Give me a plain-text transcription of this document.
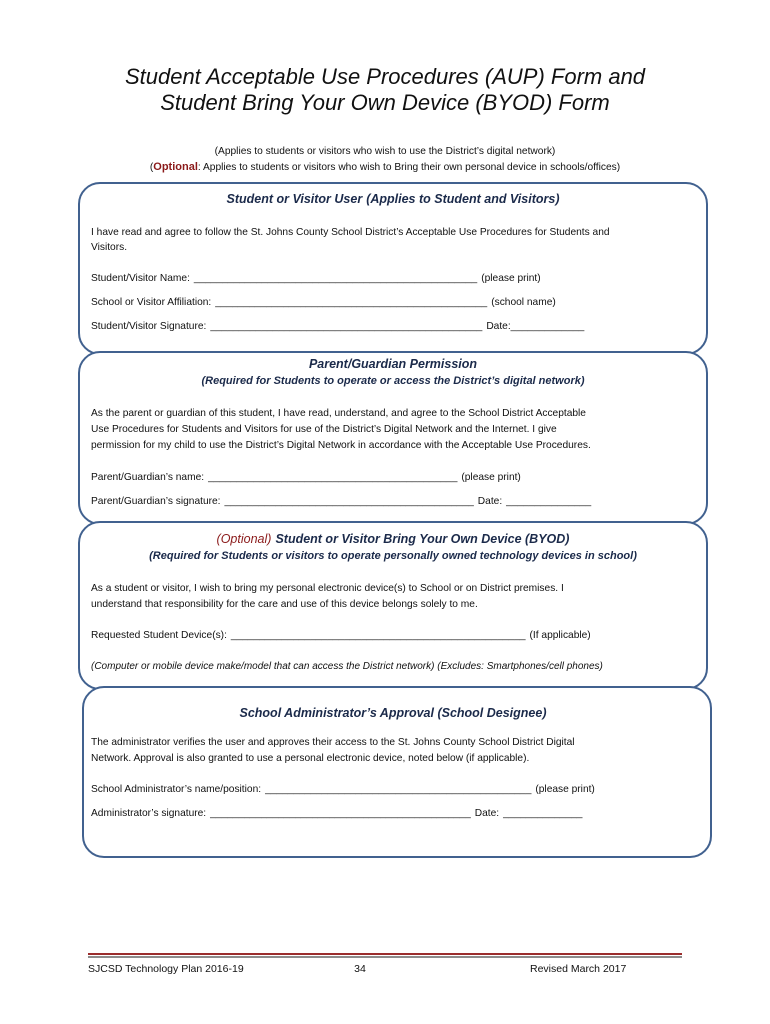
Student Acceptable Use Procedures (AUP) Form and
Student Bring Your Own Device (BYOD) Form
(Applies to students or visitors who wish to use the District’s digital network)
(Optional: Applies to students or visitors who wish to Bring their own personal device in schools/offices)
Student or Visitor User (Applies to Student and Visitors)
I have read and agree to follow the St. Johns County School District’s Acceptable Use Procedures for Students and
Visitors.
Student/Visitor Name: __________________________________________________ (please print)
School or Visitor Affiliation: ________________________________________________ (school name)
Student/Visitor Signature: ________________________________________________ Date:_____________
Parent/Guardian Permission
(Required for Students to operate or access the District’s digital network)
As the parent or guardian of this student, I have read, understand, and agree to the School District Acceptable
Use Procedures for Students and Visitors for use of the District’s Digital Network and the Internet. I give
permission for my child to use the District’s Digital Network in accordance with the Acceptable Use Procedures.
Parent/Guardian’s name: ____________________________________________ (please print)
Parent/Guardian’s signature: ____________________________________________ Date: _______________
(Optional) Student or Visitor Bring Your Own Device (BYOD)
(Required for Students or visitors to operate personally owned technology devices in school)
As a student or visitor, I wish to bring my personal electronic device(s) to School or on District premises. I
understand that responsibility for the care and use of this device belongs solely to me.
Requested Student Device(s): ____________________________________________________ (If applicable)
(Computer or mobile device make/model that can access the District network) (Excludes: Smartphones/cell phones)
School Administrator’s Approval (School Designee)
The administrator verifies the user and approves their access to the St. Johns County School District Digital
Network. Approval is also granted to use a personal electronic device, noted below (if applicable).
School Administrator’s name/position: _______________________________________________ (please print)
Administrator’s signature: ______________________________________________ Date: ______________
SJCSD Technology Plan 2016-19	34	Revised March 2017
